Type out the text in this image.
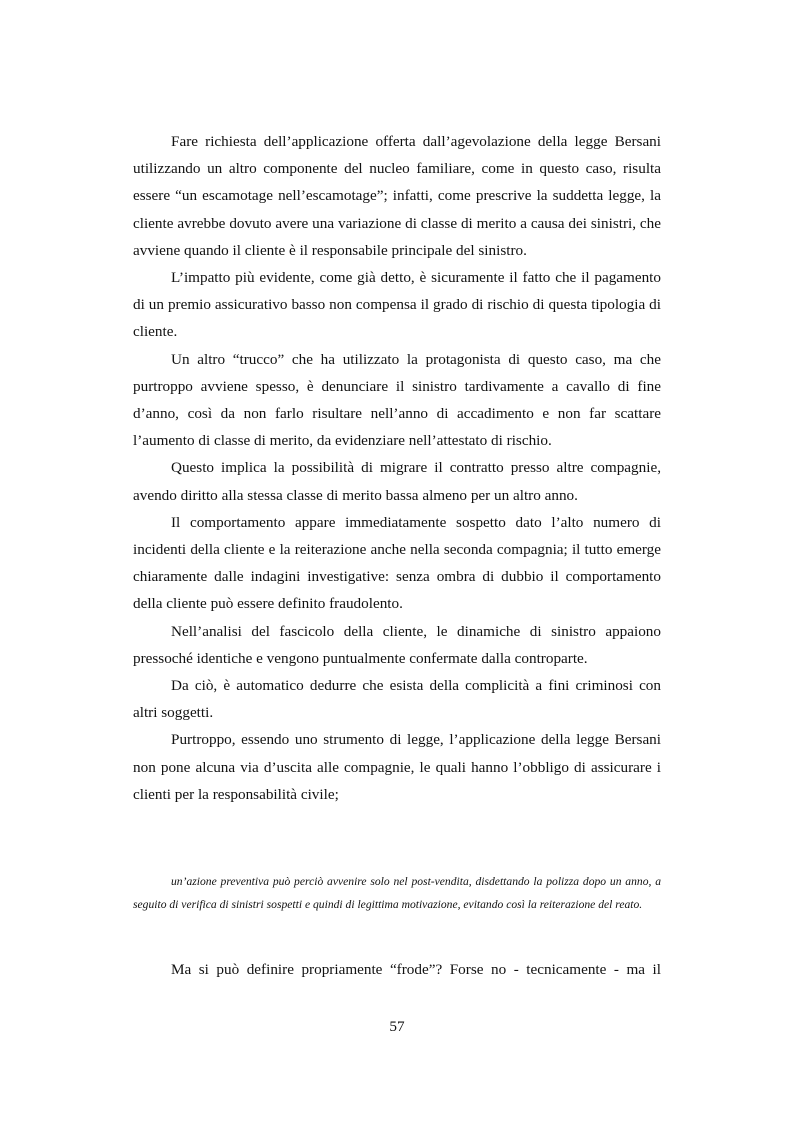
Fare richiesta dell’applicazione offerta dall’agevolazione della legge Bersani utilizzando un altro componente del nucleo familiare, come in questo caso, risulta essere “un escamotage nell’escamotage”; infatti, come prescrive la suddetta legge, la cliente avrebbe dovuto avere una variazione di classe di merito a causa dei sinistri, che avviene quando il cliente è il responsabile principale del sinistro.

L’impatto più evidente, come già detto, è sicuramente il fatto che il pagamento di un premio assicurativo basso non compensa il grado di rischio di questa tipologia di cliente.

Un altro “trucco” che ha utilizzato la protagonista di questo caso, ma che purtroppo avviene spesso, è denunciare il sinistro tardivamente a cavallo di fine d’anno, così da non farlo risultare nell’anno di accadimento e non far scattare l’aumento di classe di merito, da evidenziare nell’attestato di rischio.

Questo implica la possibilità di migrare il contratto presso altre compagnie, avendo diritto alla stessa classe di merito bassa almeno per un altro anno.

Il comportamento appare immediatamente sospetto dato l’alto numero di incidenti della cliente e la reiterazione anche nella seconda compagnia; il tutto emerge chiaramente dalle indagini investigative: senza ombra di dubbio il comportamento della cliente può essere definito fraudolento.

Nell’analisi del fascicolo della cliente, le dinamiche di sinistro appaiono pressoché identiche e vengono puntualmente confermate dalla controparte.

Da ciò, è automatico dedurre che esista della complicità a fini criminosi con altri soggetti.

Purtroppo, essendo uno strumento di legge, l’applicazione della legge Bersani non pone alcuna via d’uscita alle compagnie, le quali hanno l’obbligo di assicurare i clienti per la responsabilità civile;

un’azione preventiva può perciò avvenire solo nel post-vendita, disdettando la polizza dopo un anno, a seguito di verifica di sinistri sospetti e quindi di legittima motivazione, evitando così la reiterazione del reato.

Ma si può definire propriamente “frode”? Forse no - tecnicamente - ma il

57
